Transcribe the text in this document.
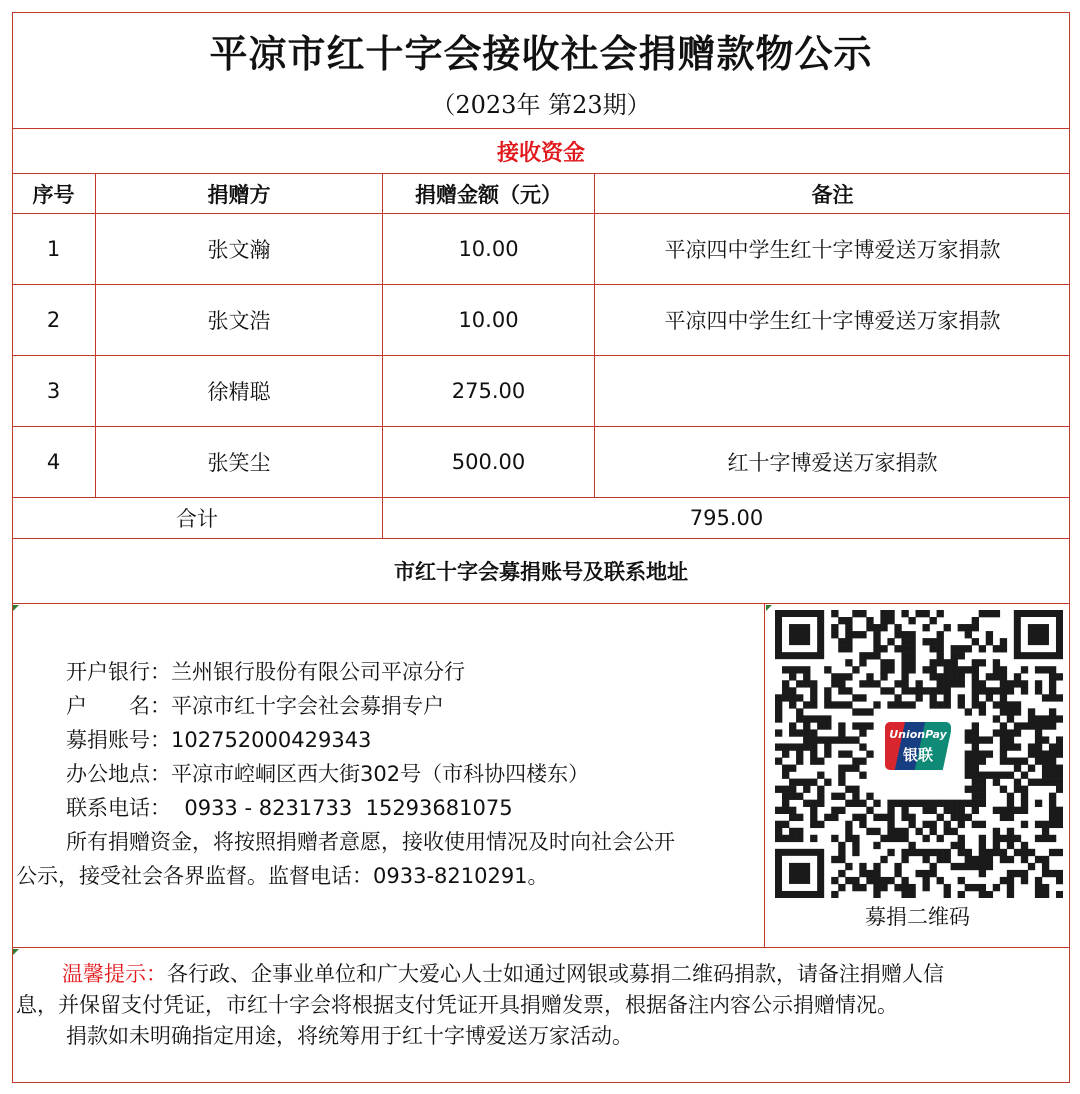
平凉市红十字会接收社会捐赠款物公示
（2023年 第23期）
接收资金
序号	捐赠方	捐赠金额（元）	备注
1	张文瀚	10.00	平凉四中学生红十字博爱送万家捐款
2	张文浩	10.00	平凉四中学生红十字博爱送万家捐款
3	徐精聪	275.00
4	张笑尘	500.00	红十字博爱送万家捐款
合计	795.00
市红十字会募捐账号及联系地址
开户银行：兰州银行股份有限公司平凉分行
户　　名：平凉市红十字会社会募捐专户
募捐账号：102752000429343
办公地点：平凉市崆峒区西大街302号（市科协四楼东）
联系电话：  0933 - 8231733  15293681075
所有捐赠资金，将按照捐赠者意愿，接收使用情况及时向社会公开
公示，接受社会各界监督。监督电话：0933-8210291。
UnionPay
银联
募捐二维码
温馨提示：各行政、企事业单位和广大爱心人士如通过网银或募捐二维码捐款，请备注捐赠人信
息，并保留支付凭证，市红十字会将根据支付凭证开具捐赠发票，根据备注内容公示捐赠情况。
捐款如未明确指定用途，将统筹用于红十字博爱送万家活动。
